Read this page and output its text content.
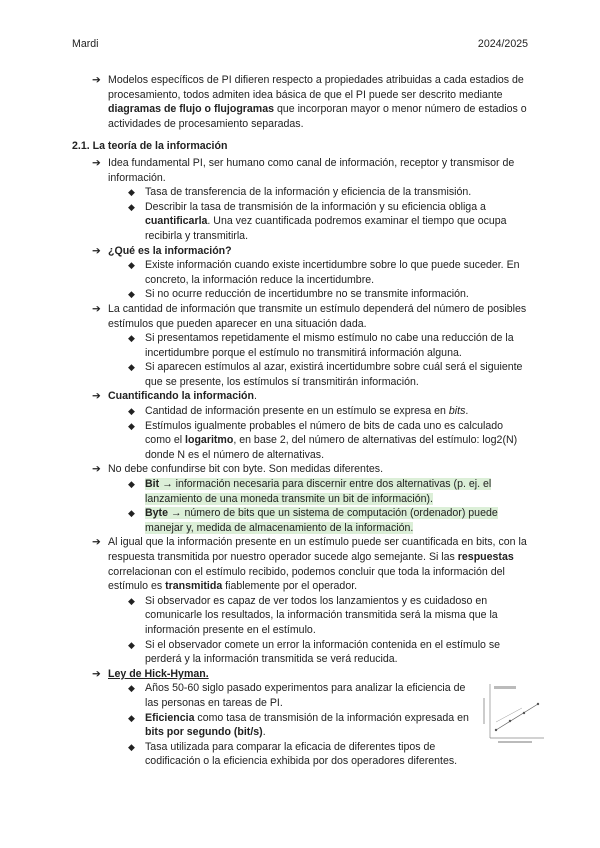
Mardi	2024/2025
➔ Modelos específicos de PI difieren respecto a propiedades atribuidas a cada estadios de procesamiento, todos admiten idea básica de que el PI puede ser descrito mediante diagramas de flujo o flujogramas que incorporan mayor o menor número de estadios o actividades de procesamiento separadas.
2.1. La teoría de la información
➔ Idea fundamental PI, ser humano como canal de información, receptor y transmisor de información.
◆ Tasa de transferencia de la información y eficiencia de la transmisión.
◆ Describir la tasa de transmisión de la información y su eficiencia obliga a cuantificarla. Una vez cuantificada podremos examinar el tiempo que ocupa recibirla y transmitirla.
➔ ¿Qué es la información?
◆ Existe información cuando existe incertidumbre sobre lo que puede suceder. En concreto, la información reduce la incertidumbre.
◆ Si no ocurre reducción de incertidumbre no se transmite información.
➔ La cantidad de información que transmite un estímulo dependerá del número de posibles estímulos que pueden aparecer en una situación dada.
◆ Si presentamos repetidamente el mismo estímulo no cabe una reducción de la incertidumbre porque el estímulo no transmitirá información alguna.
◆ Si aparecen estímulos al azar, existirá incertidumbre sobre cuál será el siguiente que se presente, los estímulos sí transmitirán información.
➔ Cuantificando la información.
◆ Cantidad de información presente en un estímulo se expresa en bits.
◆ Estímulos igualmente probables el número de bits de cada uno es calculado como el logaritmo, en base 2, del número de alternativas del estímulo: log2(N) donde N es el número de alternativas.
➔ No debe confundirse bit con byte. Son medidas diferentes.
◆ Bit → información necesaria para discernir entre dos alternativas (p. ej. el lanzamiento de una moneda transmite un bit de información).
◆ Byte → número de bits que un sistema de computación (ordenador) puede manejar y, medida de almacenamiento de la información.
➔ Al igual que la información presente en un estímulo puede ser cuantificada en bits, con la respuesta transmitida por nuestro operador sucede algo semejante. Si las respuestas correlacionan con el estímulo recibido, podemos concluir que toda la información del estímulo es transmitida fiablemente por el operador.
◆ Si observador es capaz de ver todos los lanzamientos y es cuidadoso en comunicarle los resultados, la información transmitida será la misma que la información presente en el estímulo.
◆ Si el observador comete un error la información contenida en el estímulo se perderá y la información transmitida se verá reducida.
➔ Ley de Hick-Hyman.
◆ Años 50-60 siglo pasado experimentos para analizar la eficiencia de las personas en tareas de PI.
◆ Eficiencia como tasa de transmisión de la información expresada en bits por segundo (bit/s).
◆ Tasa utilizada para comparar la eficacia de diferentes tipos de codificación o la eficiencia exhibida por dos operadores diferentes.
